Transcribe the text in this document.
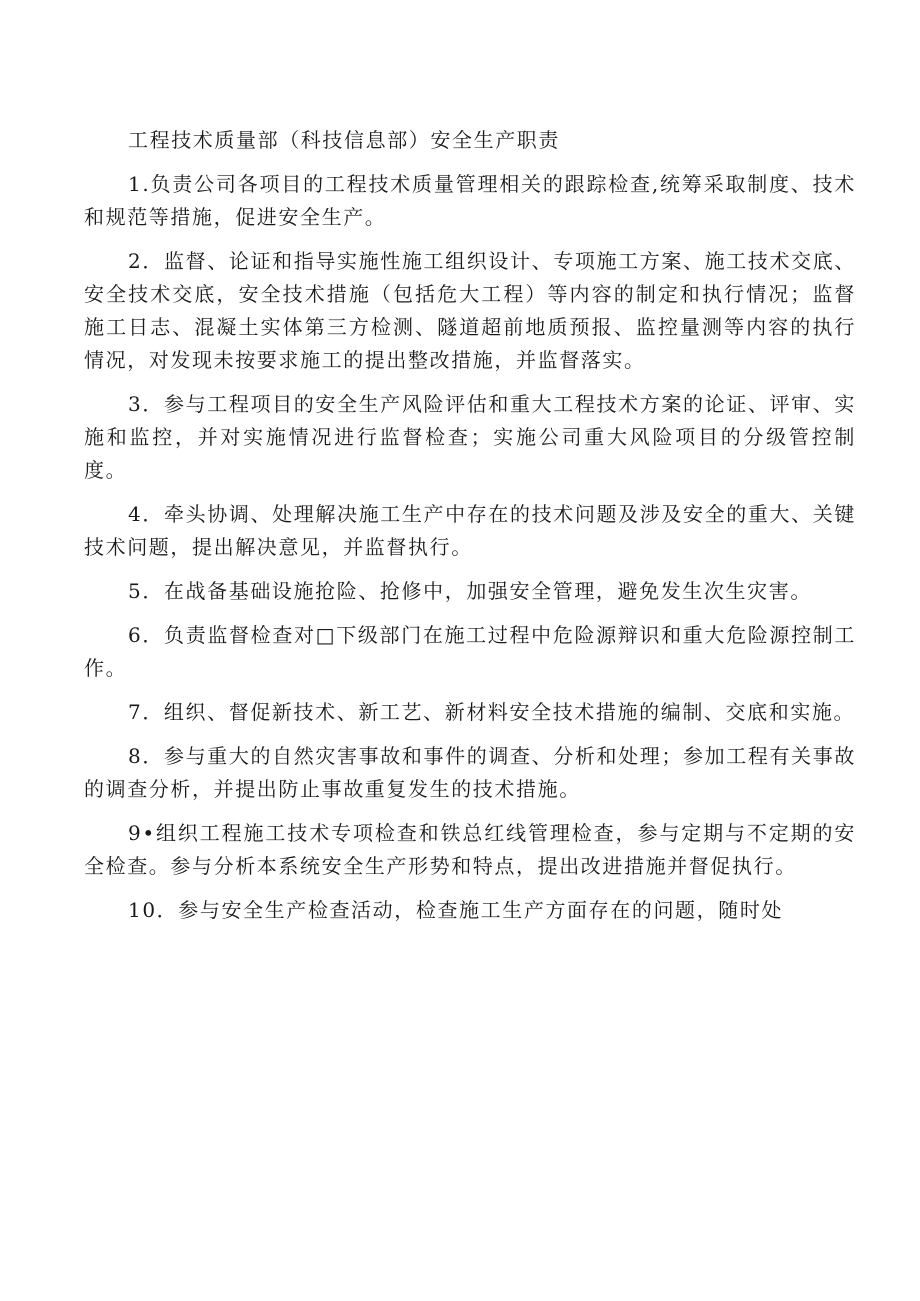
工程技术质量部（科技信息部）安全生产职责

1.负责公司各项目的工程技术质量管理相关的跟踪检查,统筹采取制度、技术和规范等措施，促进安全生产。

2．监督、论证和指导实施性施工组织设计、专项施工方案、施工技术交底、安全技术交底，安全技术措施（包括危大工程）等内容的制定和执行情况；监督施工日志、混凝土实体第三方检测、隧道超前地质预报、监控量测等内容的执行情况，对发现未按要求施工的提出整改措施，并监督落实。

3．参与工程项目的安全生产风险评估和重大工程技术方案的论证、评审、实施和监控，并对实施情况进行监督检查；实施公司重大风险项目的分级管控制度。

4．牵头协调、处理解决施工生产中存在的技术问题及涉及安全的重大、关键技术问题，提出解决意见，并监督执行。

5．在战备基础设施抢险、抢修中，加强安全管理，避免发生次生灾害。

6．负责监督检查对□下级部门在施工过程中危险源辩识和重大危险源控制工作。

7．组织、督促新技术、新工艺、新材料安全技术措施的编制、交底和实施。

8．参与重大的自然灾害事故和事件的调查、分析和处理；参加工程有关事故的调查分析，并提出防止事故重复发生的技术措施。

9•组织工程施工技术专项检查和铁总红线管理检查，参与定期与不定期的安全检查。参与分析本系统安全生产形势和特点，提出改进措施并督促执行。

10．参与安全生产检查活动，检查施工生产方面存在的问题，随时处
